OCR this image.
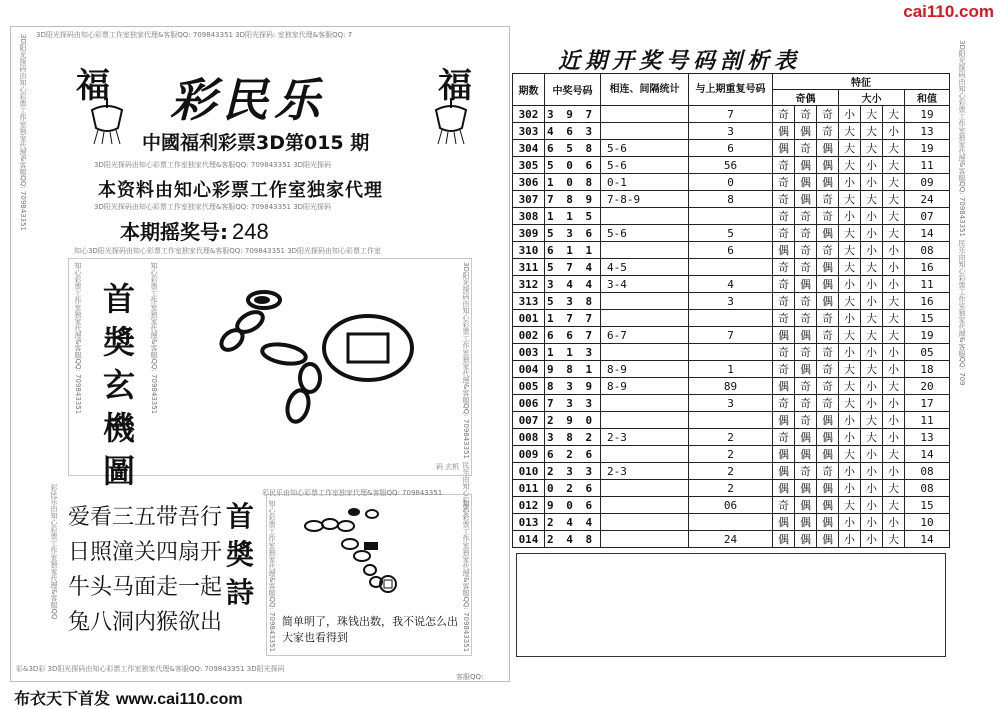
cai110.com
3D阳光探码由知心彩票工作室独家代理&客服QQ: 709843351 3D阳光探码: 室独家代理&客服QQ: 7
3D阳光探码由知心彩票工作室独家代理&客服QQ: 709843351 福	福
彩民乐
中國福利彩票3D第015 期
3D阳光探码由知心彩票工作室独家代理&客服QQ: 709843351 3D阳光探码
本资料由知心彩票工作室独家代理
3D阳光探码由知心彩票工作室独家代理&客服QQ: 709843351 3D阳光探码
本期摇奖号: 248
知心3D阳光探码由知心彩票工作室独家代理&客服QQ: 709843351 3D阳光探码由知心彩票工作室
知心彩票工作室独家代理&客服QQ: 709843351	3D阳光探码由知心彩票工作室独家代理&客服QQ: 709843351 民乐由知心彩票工
知心彩票工作室独家代理&客服QQ: 709843351
首奬玄機圖	码 玄机
彩民乐由知心彩票工作室独家代理&客服QQ 爱看三五带吾行
日照潼关四扇开
牛头马面走一起
兔八洞内猴欲出
首奬詩
彩民乐由知心彩票工作室独家代理&客服QQ: 709843351
知心彩票工作室独家代理&客服QQ: 709843351	知心彩票工作室独家代理&客服QQ: 709843351
简单明了，珠钱出数，我不说怎么出大家也看得到
彩&3D彩 3D阳光探码由知心彩票工作室独家代理&客服QQ: 709843351 3D阳光探码
客服QQ:
布衣天下首发 www.cai110.com
近期开奖号码剖析表	3D阳光探码由知心彩票工作室独家代理&客服QQ: 709843351 民乐由知心彩票工作室独家代理&客服QQ: 709
期数	中奖号码	相连、间隔统计	与上期重复号码	特征						
				奇偶			大小			和值
302	3 9 7		7	奇	奇	奇	小	大	大	19
303	4 6 3		3	偶	偶	奇	大	大	小	13
304	6 5 8	5-6	6	偶	奇	偶	大	大	大	19
305	5 0 6	5-6	56	奇	偶	偶	大	小	大	11
306	1 0 8	0-1	0	奇	偶	偶	小	小	大	09
307	7 8 9	7-8-9	8	奇	偶	奇	大	大	大	24
308	1 1 5			奇	奇	奇	小	小	大	07
309	5 3 6	5-6	5	奇	奇	偶	大	小	大	14
310	6 1 1		6	偶	奇	奇	大	小	小	08
311	5 7 4	4-5		奇	奇	偶	大	大	小	16
312	3 4 4	3-4	4	奇	偶	偶	小	小	小	11
313	5 3 8		3	奇	奇	偶	大	小	大	16
001	1 7 7			奇	奇	奇	小	大	大	15
002	6 6 7	6-7	7	偶	偶	奇	大	大	大	19
003	1 1 3			奇	奇	奇	小	小	小	05
004	9 8 1	8-9	1	奇	偶	奇	大	大	小	18
005	8 3 9	8-9	89	偶	奇	奇	大	小	大	20
006	7 3 3		3	奇	奇	奇	大	小	小	17
007	2 9 0			偶	奇	偶	小	大	小	11
008	3 8 2	2-3	2	奇	偶	偶	小	大	小	13
009	6 2 6		2	偶	偶	偶	大	小	大	14
010	2 3 3	2-3	2	偶	奇	奇	小	小	小	08
011	0 2 6		2	偶	偶	偶	小	小	大	08
012	9 0 6		06	奇	偶	偶	大	小	大	15
013	2 4 4			偶	偶	偶	小	小	小	10
014	2 4 8		24	偶	偶	偶	小	小	大	14
